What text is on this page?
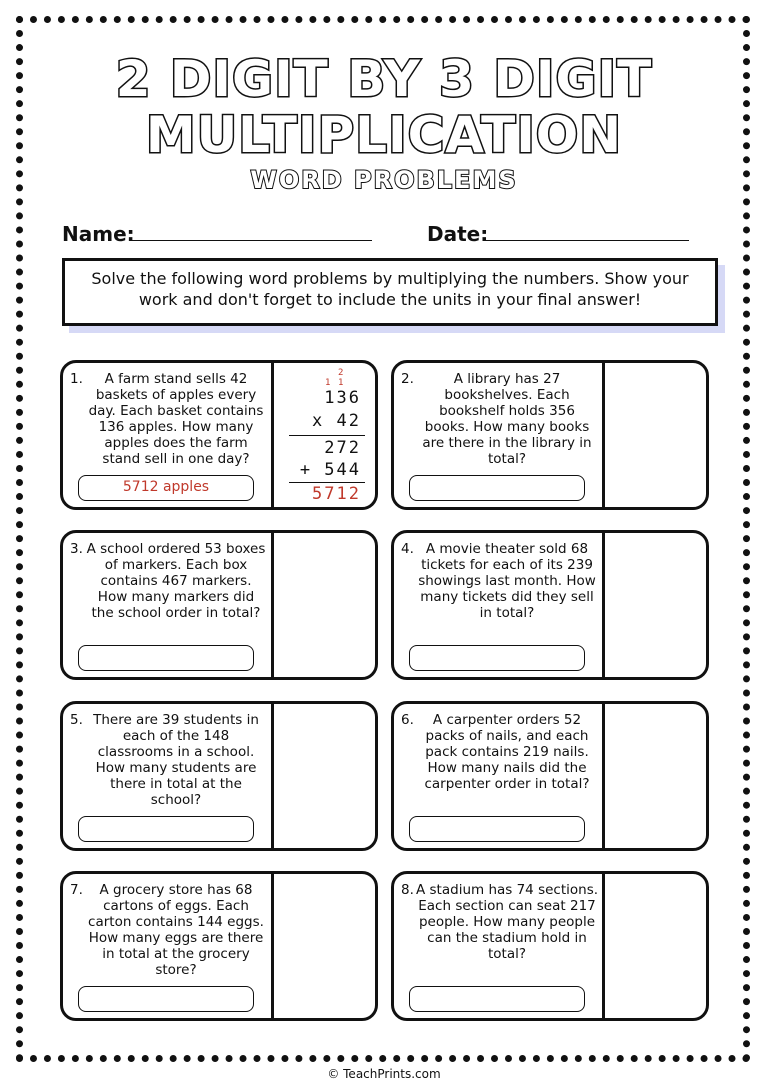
2 DIGIT BY 3 DIGIT
MULTIPLICATION
WORD PROBLEMS
Name:	Date:
Solve the following word problems by multiplying the numbers. Show your work and don't forget to include the units in your final answer!
1.	A farm stand sells 42 baskets of apples every day. Each basket contains 136 apples. How many apples does the farm stand sell in one day?
5712 apples
1 1
2
136
x 42
272
+ 544
5712
2.	A library has 27 bookshelves. Each bookshelf holds 356 books. How many books are there in the library in total?
3. A school ordered 53 boxes of markers. Each box contains 467 markers. How many markers did the school order in total?
4. A movie theater sold 68 tickets for each of its 239 showings last month. How many tickets did they sell in total?
5. There are 39 students in each of the 148 classrooms in a school. How many students are there in total at the school?
6.	A carpenter orders 52 packs of nails, and each pack contains 219 nails. How many nails did the carpenter order in total?
7.	A grocery store has 68 cartons of eggs. Each carton contains 144 eggs. How many eggs are there in total at the grocery store?
8. A stadium has 74 sections. Each section can seat 217 people. How many people can the stadium hold in total?
© TeachPrints.com
